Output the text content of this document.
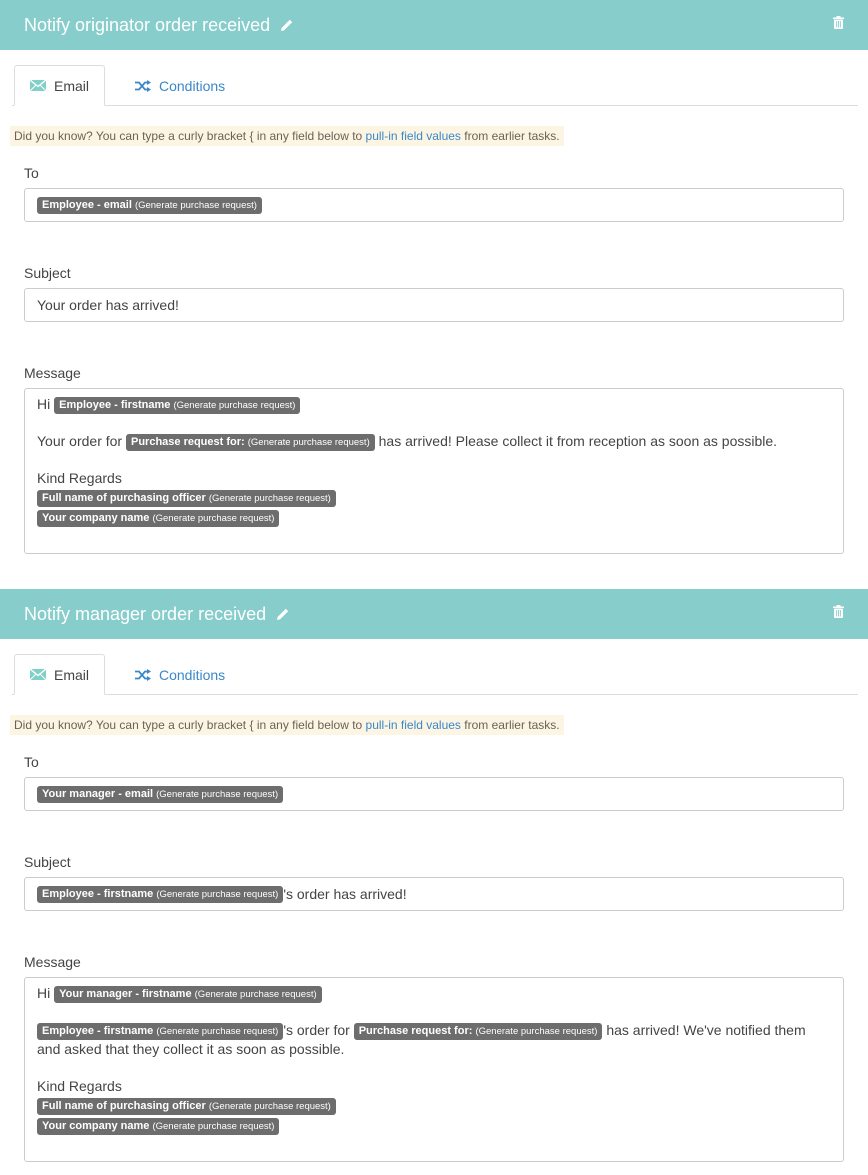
Notify originator order received
Email	Conditions
Did you know? You can type a curly bracket { in any field below to pull-in field values from earlier tasks.
To
Employee - email (Generate purchase request)
Subject
Your order has arrived!
Message
Hi Employee - firstname (Generate purchase request)
Your order for Purchase request for: (Generate purchase request) has arrived! Please collect it from reception as soon as possible.
Kind Regards
Full name of purchasing officer (Generate purchase request)
Your company name (Generate purchase request)
Notify manager order received
Email	Conditions
Did you know? You can type a curly bracket { in any field below to pull-in field values from earlier tasks.
To
Your manager - email (Generate purchase request)
Subject
Employee - firstname (Generate purchase request) 's order has arrived!
Message
Hi Your manager - firstname (Generate purchase request)
Employee - firstname (Generate purchase request) 's order for Purchase request for: (Generate purchase request) has arrived! We've notified them and asked that they collect it as soon as possible.
Kind Regards
Full name of purchasing officer (Generate purchase request)
Your company name (Generate purchase request)
